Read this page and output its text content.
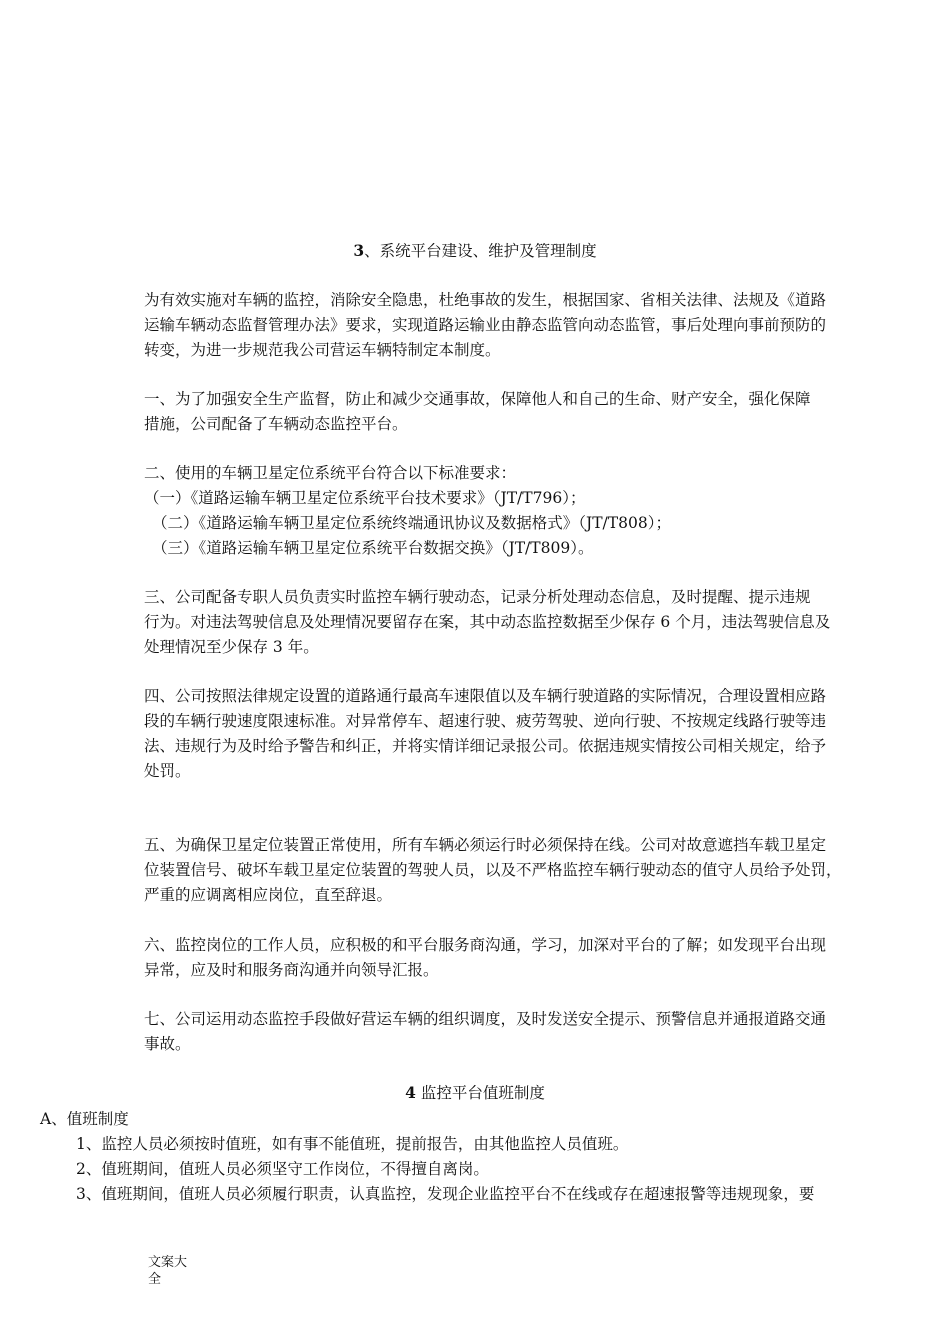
3、系统平台建设、维护及管理制度
为有效实施对车辆的监控，消除安全隐患，杜绝事故的发生，根据国家、省相关法律、法规及《道路
运输车辆动态监督管理办法》要求，实现道路运输业由静态监管向动态监管，事后处理向事前预防的
转变，为进一步规范我公司营运车辆特制定本制度。
一、为了加强安全生产监督，防止和减少交通事故，保障他人和自己的生命、财产安全，强化保障
措施，公司配备了车辆动态监控平台。
二、使用的车辆卫星定位系统平台符合以下标准要求：
（一）《道路运输车辆卫星定位系统平台技术要求》（JT/T796）；
（二）《道路运输车辆卫星定位系统终端通讯协议及数据格式》（JT/T808）；
（三）《道路运输车辆卫星定位系统平台数据交换》（JT/T809）。
三、公司配备专职人员负责实时监控车辆行驶动态，记录分析处理动态信息，及时提醒、提示违规
行为。对违法驾驶信息及处理情况要留存在案，其中动态监控数据至少保存 6 个月，违法驾驶信息及
处理情况至少保存 3 年。
四、公司按照法律规定设置的道路通行最高车速限值以及车辆行驶道路的实际情况，合理设置相应路
段的车辆行驶速度限速标准。对异常停车、超速行驶、疲劳驾驶、逆向行驶、不按规定线路行驶等违
法、违规行为及时给予警告和纠正，并将实情详细记录报公司。依据违规实情按公司相关规定，给予
处罚。
五、为确保卫星定位装置正常使用，所有车辆必须运行时必须保持在线。公司对故意遮挡车载卫星定
位装置信号、破坏车载卫星定位装置的驾驶人员，以及不严格监控车辆行驶动态的值守人员给予处罚，
严重的应调离相应岗位，直至辞退。
六、监控岗位的工作人员，应积极的和平台服务商沟通，学习，加深对平台的了解；如发现平台出现
异常，应及时和服务商沟通并向领导汇报。
七、公司运用动态监控手段做好营运车辆的组织调度，及时发送安全提示、预警信息并通报道路交通
事故。
4 监控平台值班制度
A、值班制度
1、监控人员必须按时值班，如有事不能值班，提前报告，由其他监控人员值班。
2、值班期间，值班人员必须坚守工作岗位，不得擅自离岗。
3、值班期间，值班人员必须履行职责，认真监控，发现企业监控平台不在线或存在超速报警等违规现象，要
文案大全
